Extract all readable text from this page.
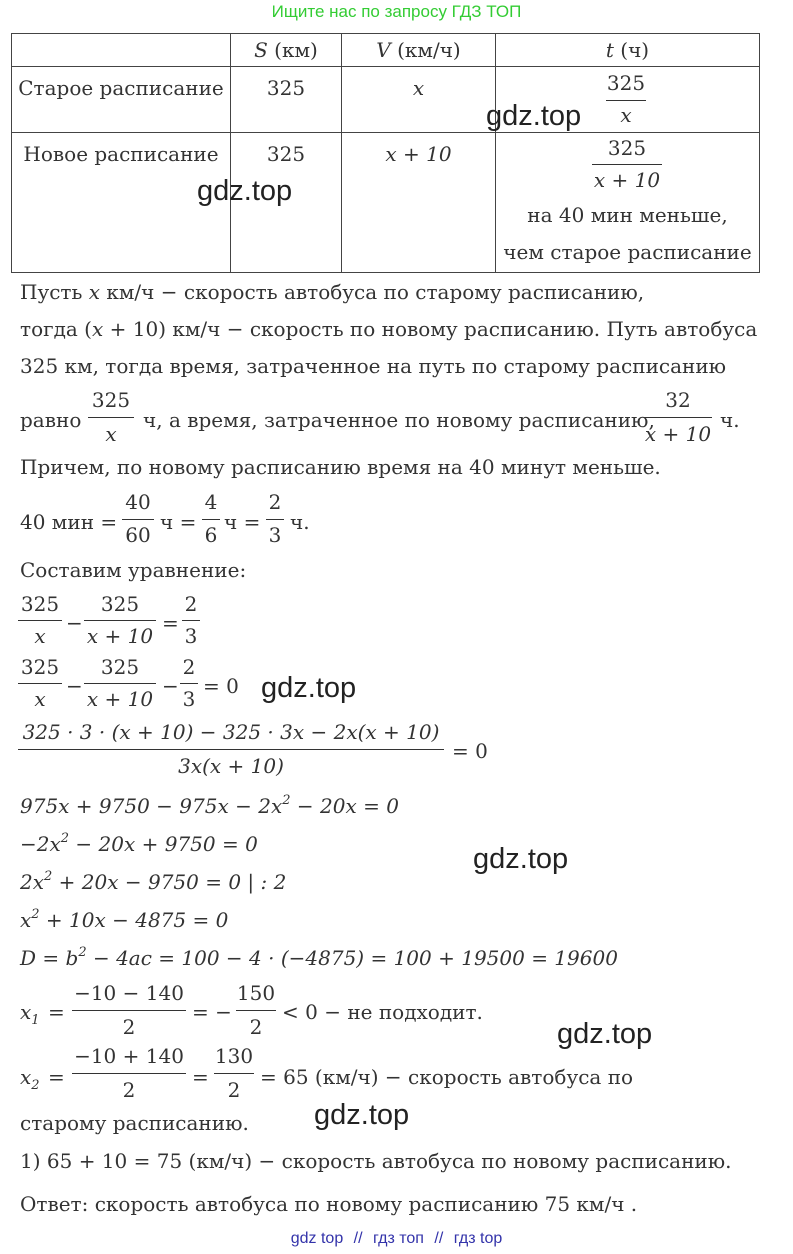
Ищите нас по запросу ГДЗ ТОП
	S (км)	V (км/ч)	t (ч)
Старое расписание	325	x	325
x

Новое расписание	325	x + 10	325
x + 10
на 40 мин меньше,
чем старое расписание
gdz.top
gdz.top
gdz.top
gdz.top
gdz.top
gdz.top
Пусть x км/ч − скорость автобуса по старому расписанию,
тогда (x + 10) км/ч − скорость по новому расписанию. Путь автобуса
325 км, тогда время, затраченное на путь по старому расписанию
равно
325
x
ч, а время, затраченное по новому расписанию,
32
x + 10
ч.
Причем, по новому расписанию время на 40 минут меньше.
40 мин =
40
60
ч =
4
6
ч =
2
3
ч.
Составим уравнение:
325
x
−
325
x + 10
=
2
3
325
x
−
325
x + 10
−
2
3
= 0
325 · 3 · (x + 10) − 325 · 3x − 2x(x + 10)
3x(x + 10)
= 0
$975x + 9750 - 975x - 2x^2 - 20x = 0$
$-2x^2 - 20x + 9750 = 0$
$2x^2 + 20x - 9750 = 0$ | : 2
$x^2 + 10x - 4875 = 0$
$D = b^2 - 4ac = 100 - 4 \cdot (-4875) = 100 + 19500 = 19600$
$x_1$ =
−10 − 140
2
= −
150
2
< 0 − не подходит.
$x_2$ =
−10 + 140
2
=
130
2
= 65 (км/ч) − скорость автобуса по
старому расписанию.
1) 65 + 10 = 75 (км/ч) − скорость автобуса по новому расписанию.
Ответ: скорость автобуса по новому расписанию 75 км/ч .
gdz top // гдз топ // гдз top
